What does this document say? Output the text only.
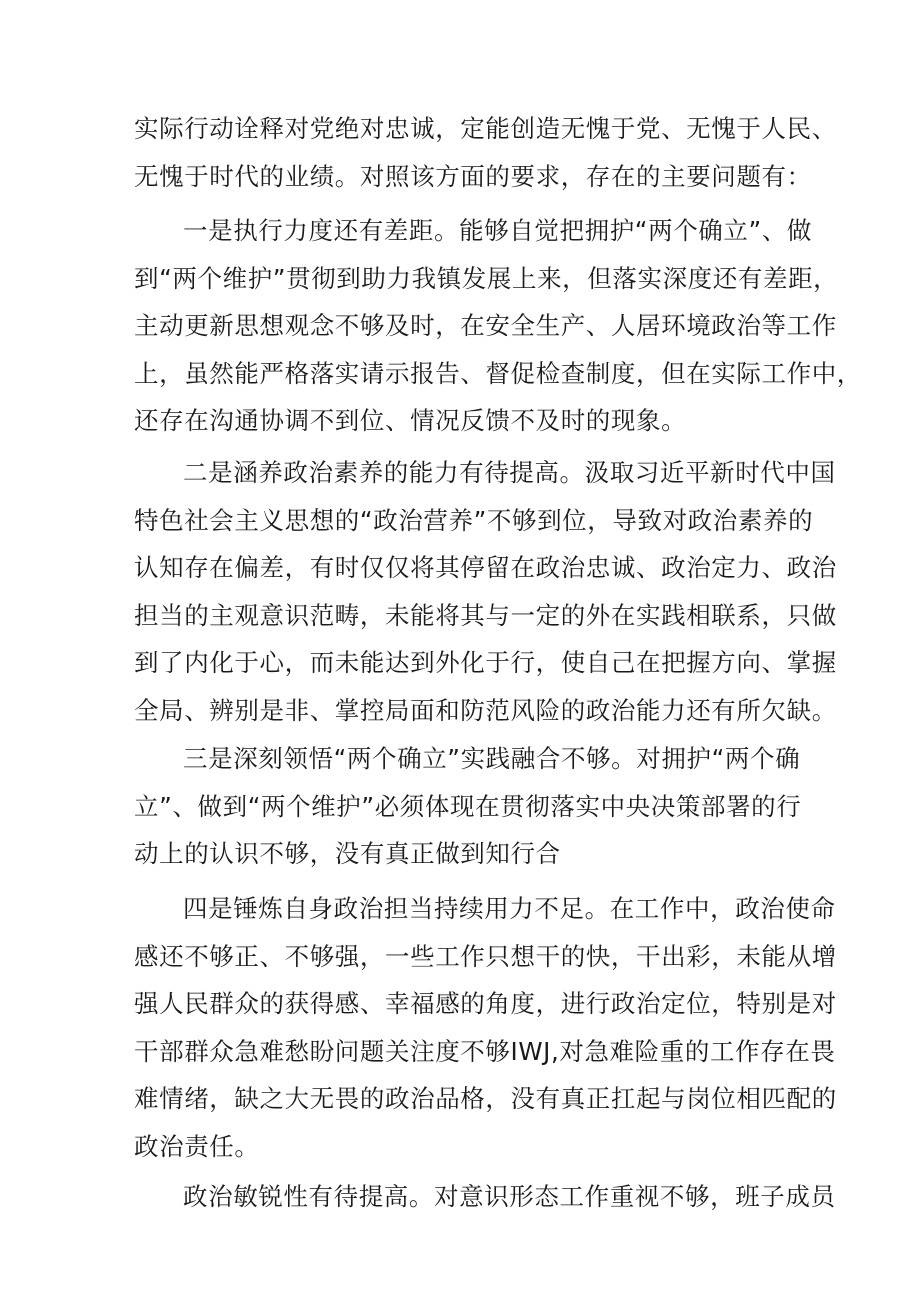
实际行动诠释对党绝对忠诚，定能创造无愧于党、无愧于人民、
无愧于时代的业绩。对照该方面的要求，存在的主要问题有：

一是执行力度还有差距。能够自觉把拥护“两个确立”、做
到“两个维护”贯彻到助力我镇发展上来，但落实深度还有差距，
主动更新思想观念不够及时，在安全生产、人居环境政治等工作
上，虽然能严格落实请示报告、督促检查制度，但在实际工作中，
还存在沟通协调不到位、情况反馈不及时的现象。

二是涵养政治素养的能力有待提高。汲取习近平新时代中国
特色社会主义思想的“政治营养”不够到位，导致对政治素养的
认知存在偏差，有时仅仅将其停留在政治忠诚、政治定力、政治
担当的主观意识范畴，未能将其与一定的外在实践相联系，只做
到了内化于心，而未能达到外化于行，使自己在把握方向、掌握
全局、辨别是非、掌控局面和防范风险的政治能力还有所欠缺。

三是深刻领悟“两个确立”实践融合不够。对拥护“两个确
立”、做到“两个维护”必须体现在贯彻落实中央决策部署的行
动上的认识不够，没有真正做到知行合

四是锤炼自身政治担当持续用力不足。在工作中，政治使命
感还不够正、不够强，一些工作只想干的快，干出彩，未能从增
强人民群众的获得感、幸福感的角度，进行政治定位，特别是对
干部群众急难愁盼问题关注度不够IWJ,对急难险重的工作存在畏
难情绪，缺之大无畏的政治品格，没有真正扛起与岗位相匹配的
政治责任。

政治敏锐性有待提高。对意识形态工作重视不够，班子成员
